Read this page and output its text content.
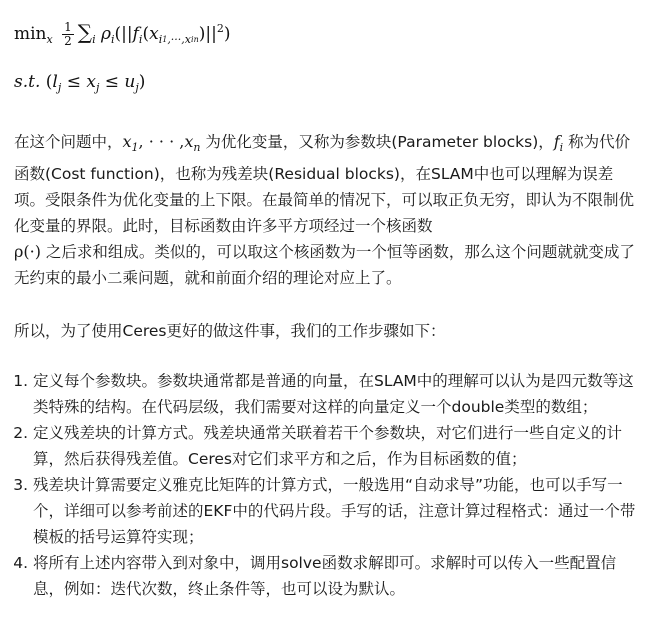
$\min_x \frac{1}{2} \sum_i$ $\rho_i(||f_i(x_i1_{,\cdot\cdot\cdot,x}in)||^2)$
s.t. $(l_j \le x_j \le u_j)$

在这个问题中，$x_1$, · · · $,x_n$ 为优化变量，又称为参数块(Parameter blocks)，$f_i$ 称为代价函数(Cost function)，也称为残差块(Residual blocks)，在SLAM中也可以理解为误差项。受限条件为优化变量的上下限。在最简单的情况下，可以取正负无穷，即认为不限制优化变量的界限。此时，目标函数由许多平方项经过一个核函数
ρ(·) 之后求和组成。类似的，可以取这个核函数为一个恒等函数，那么这个问题就就变成了无约束的最小二乘问题，就和前面介绍的理论对应上了。

所以，为了使用Ceres更好的做这件事，我们的工作步骤如下：

1. 定义每个参数块。参数块通常都是普通的向量，在SLAM中的理解可以认为是四元数等这类特殊的结构。在代码层级，我们需要对这样的向量定义一个double类型的数组；
2. 定义残差块的计算方式。残差块通常关联着若干个参数块，对它们进行一些自定义的计算，然后获得残差值。Ceres对它们求平方和之后，作为目标函数的值；
3. 残差块计算需要定义雅克比矩阵的计算方式，一般选用“自动求导”功能，也可以手写一个，详细可以参考前述的EKF中的代码片段。手写的话，注意计算过程格式：通过一个带模板的括号运算符实现；
4. 将所有上述内容带入到对象中，调用solve函数求解即可。求解时可以传入一些配置信息，例如：迭代次数，终止条件等，也可以设为默认。
